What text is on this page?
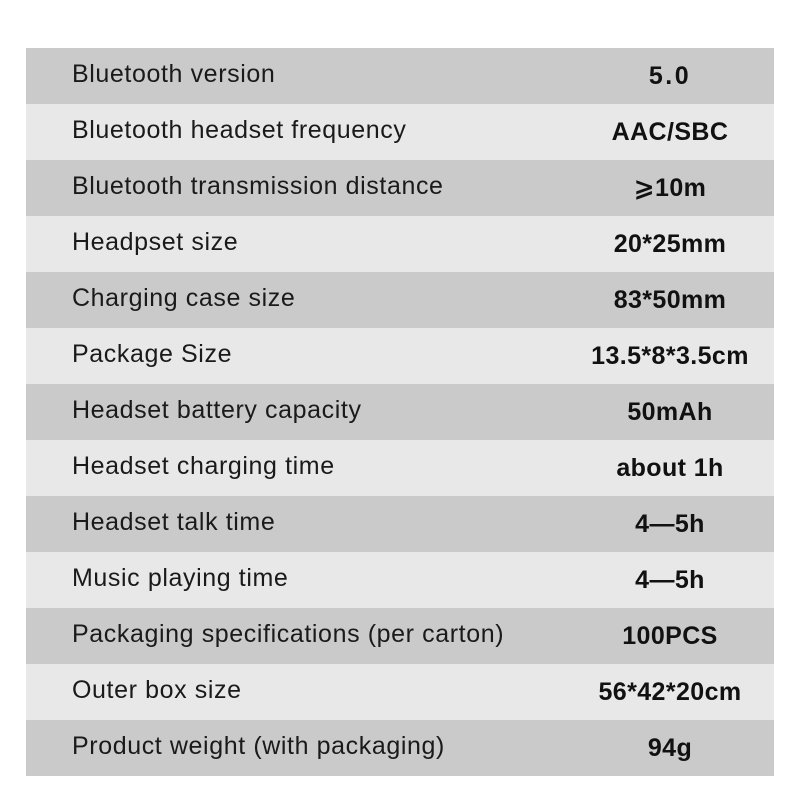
Bluetooth version	5.0
Bluetooth headset frequency	AAC/SBC
Bluetooth transmission distance	⩾10m
Headpset size	20*25mm
Charging case size	83*50mm
Package Size	13.5*8*3.5cm
Headset battery capacity	50mAh
Headset charging time	about 1h
Headset talk time	4—5h
Music playing time	4—5h
Packaging specifications (per carton)	100PCS
Outer box size	56*42*20cm
Product weight (with packaging)	94g
